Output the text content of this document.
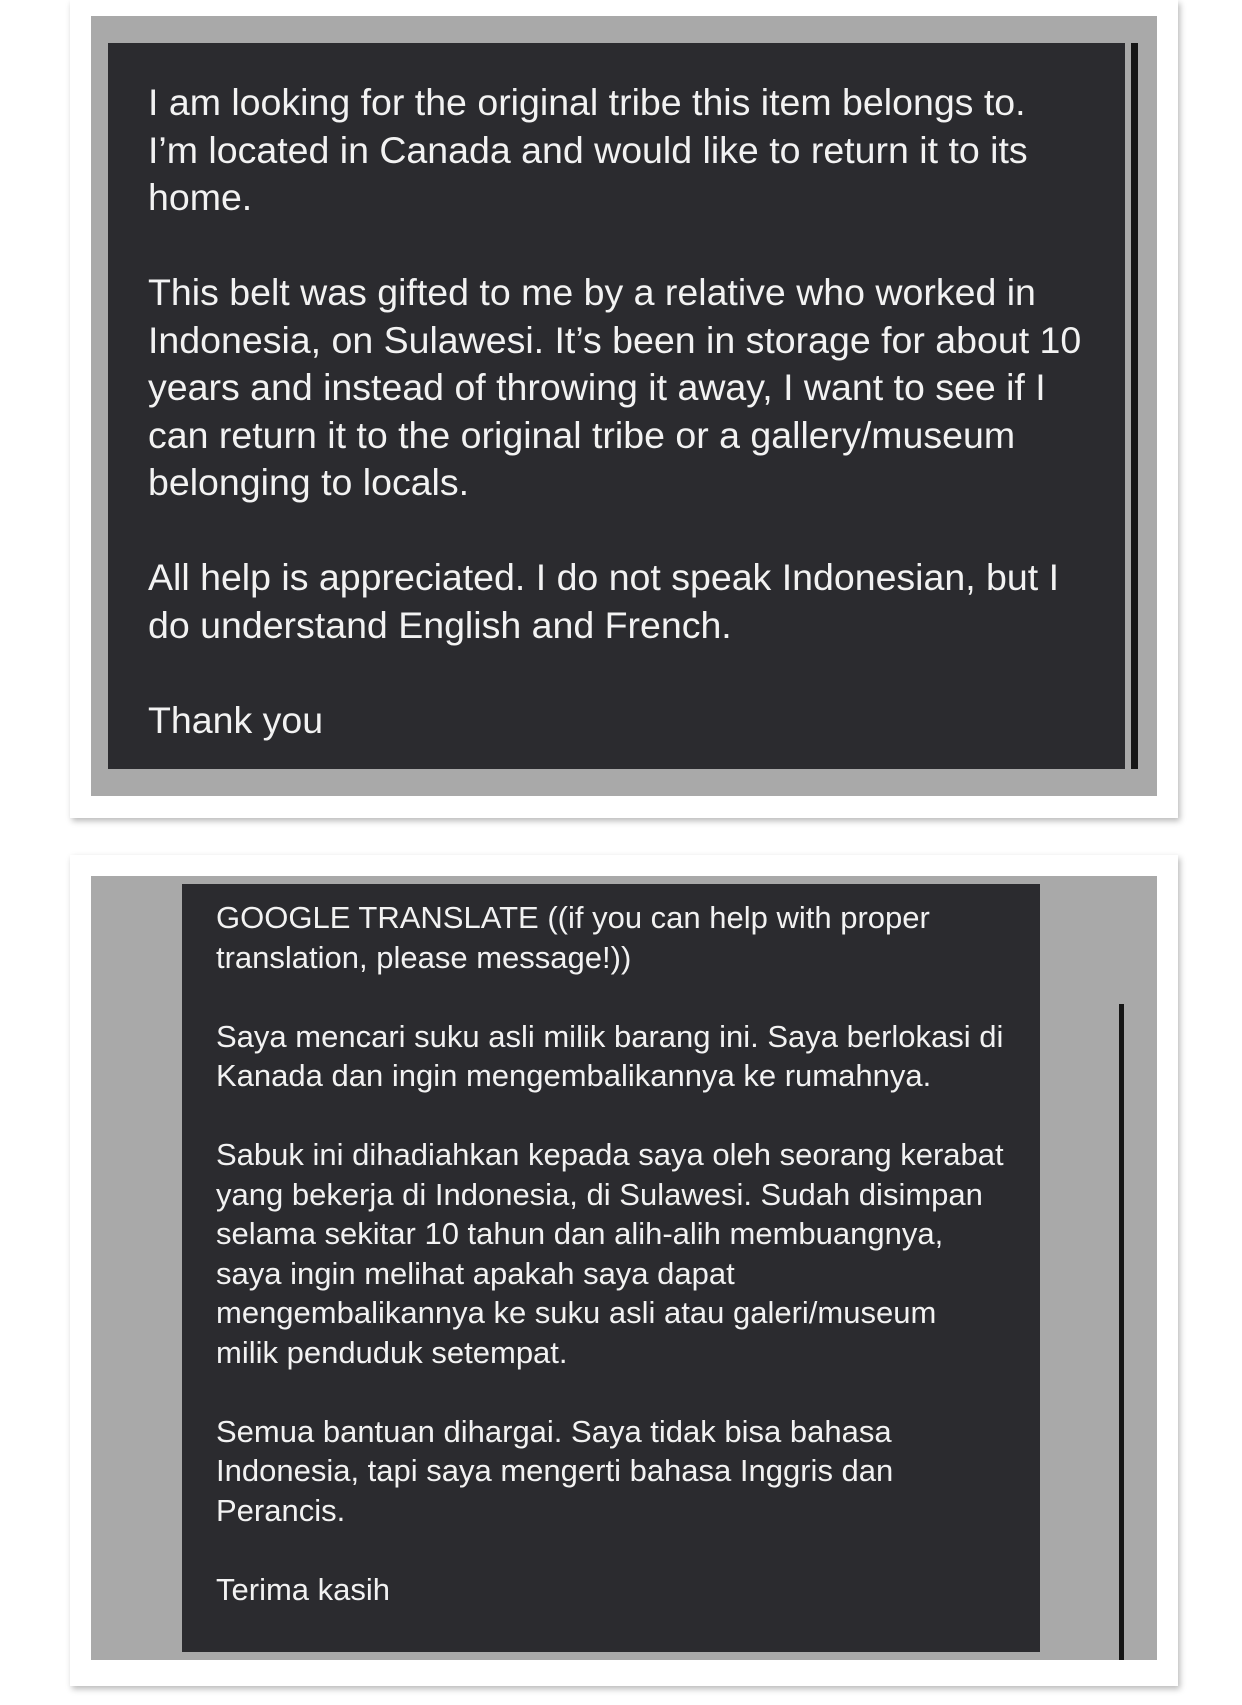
I am looking for the original tribe this item belongs to. I’m located in Canada and would like to return it to its home.

This belt was gifted to me by a relative who worked in Indonesia, on Sulawesi. It’s been in storage for about 10 years and instead of throwing it away, I want to see if I can return it to the original tribe or a gallery/museum belonging to locals.

All help is appreciated. I do not speak Indonesian, but I do understand English and French.

Thank you

GOOGLE TRANSLATE ((if you can help with proper translation, please message!))

Saya mencari suku asli milik barang ini. Saya berlokasi di Kanada dan ingin mengembalikannya ke rumahnya.

Sabuk ini dihadiahkan kepada saya oleh seorang kerabat yang bekerja di Indonesia, di Sulawesi. Sudah disimpan selama sekitar 10 tahun dan alih-alih membuangnya, saya ingin melihat apakah saya dapat mengembalikannya ke suku asli atau galeri/museum milik penduduk setempat.

Semua bantuan dihargai. Saya tidak bisa bahasa Indonesia, tapi saya mengerti bahasa Inggris dan Perancis.

Terima kasih
